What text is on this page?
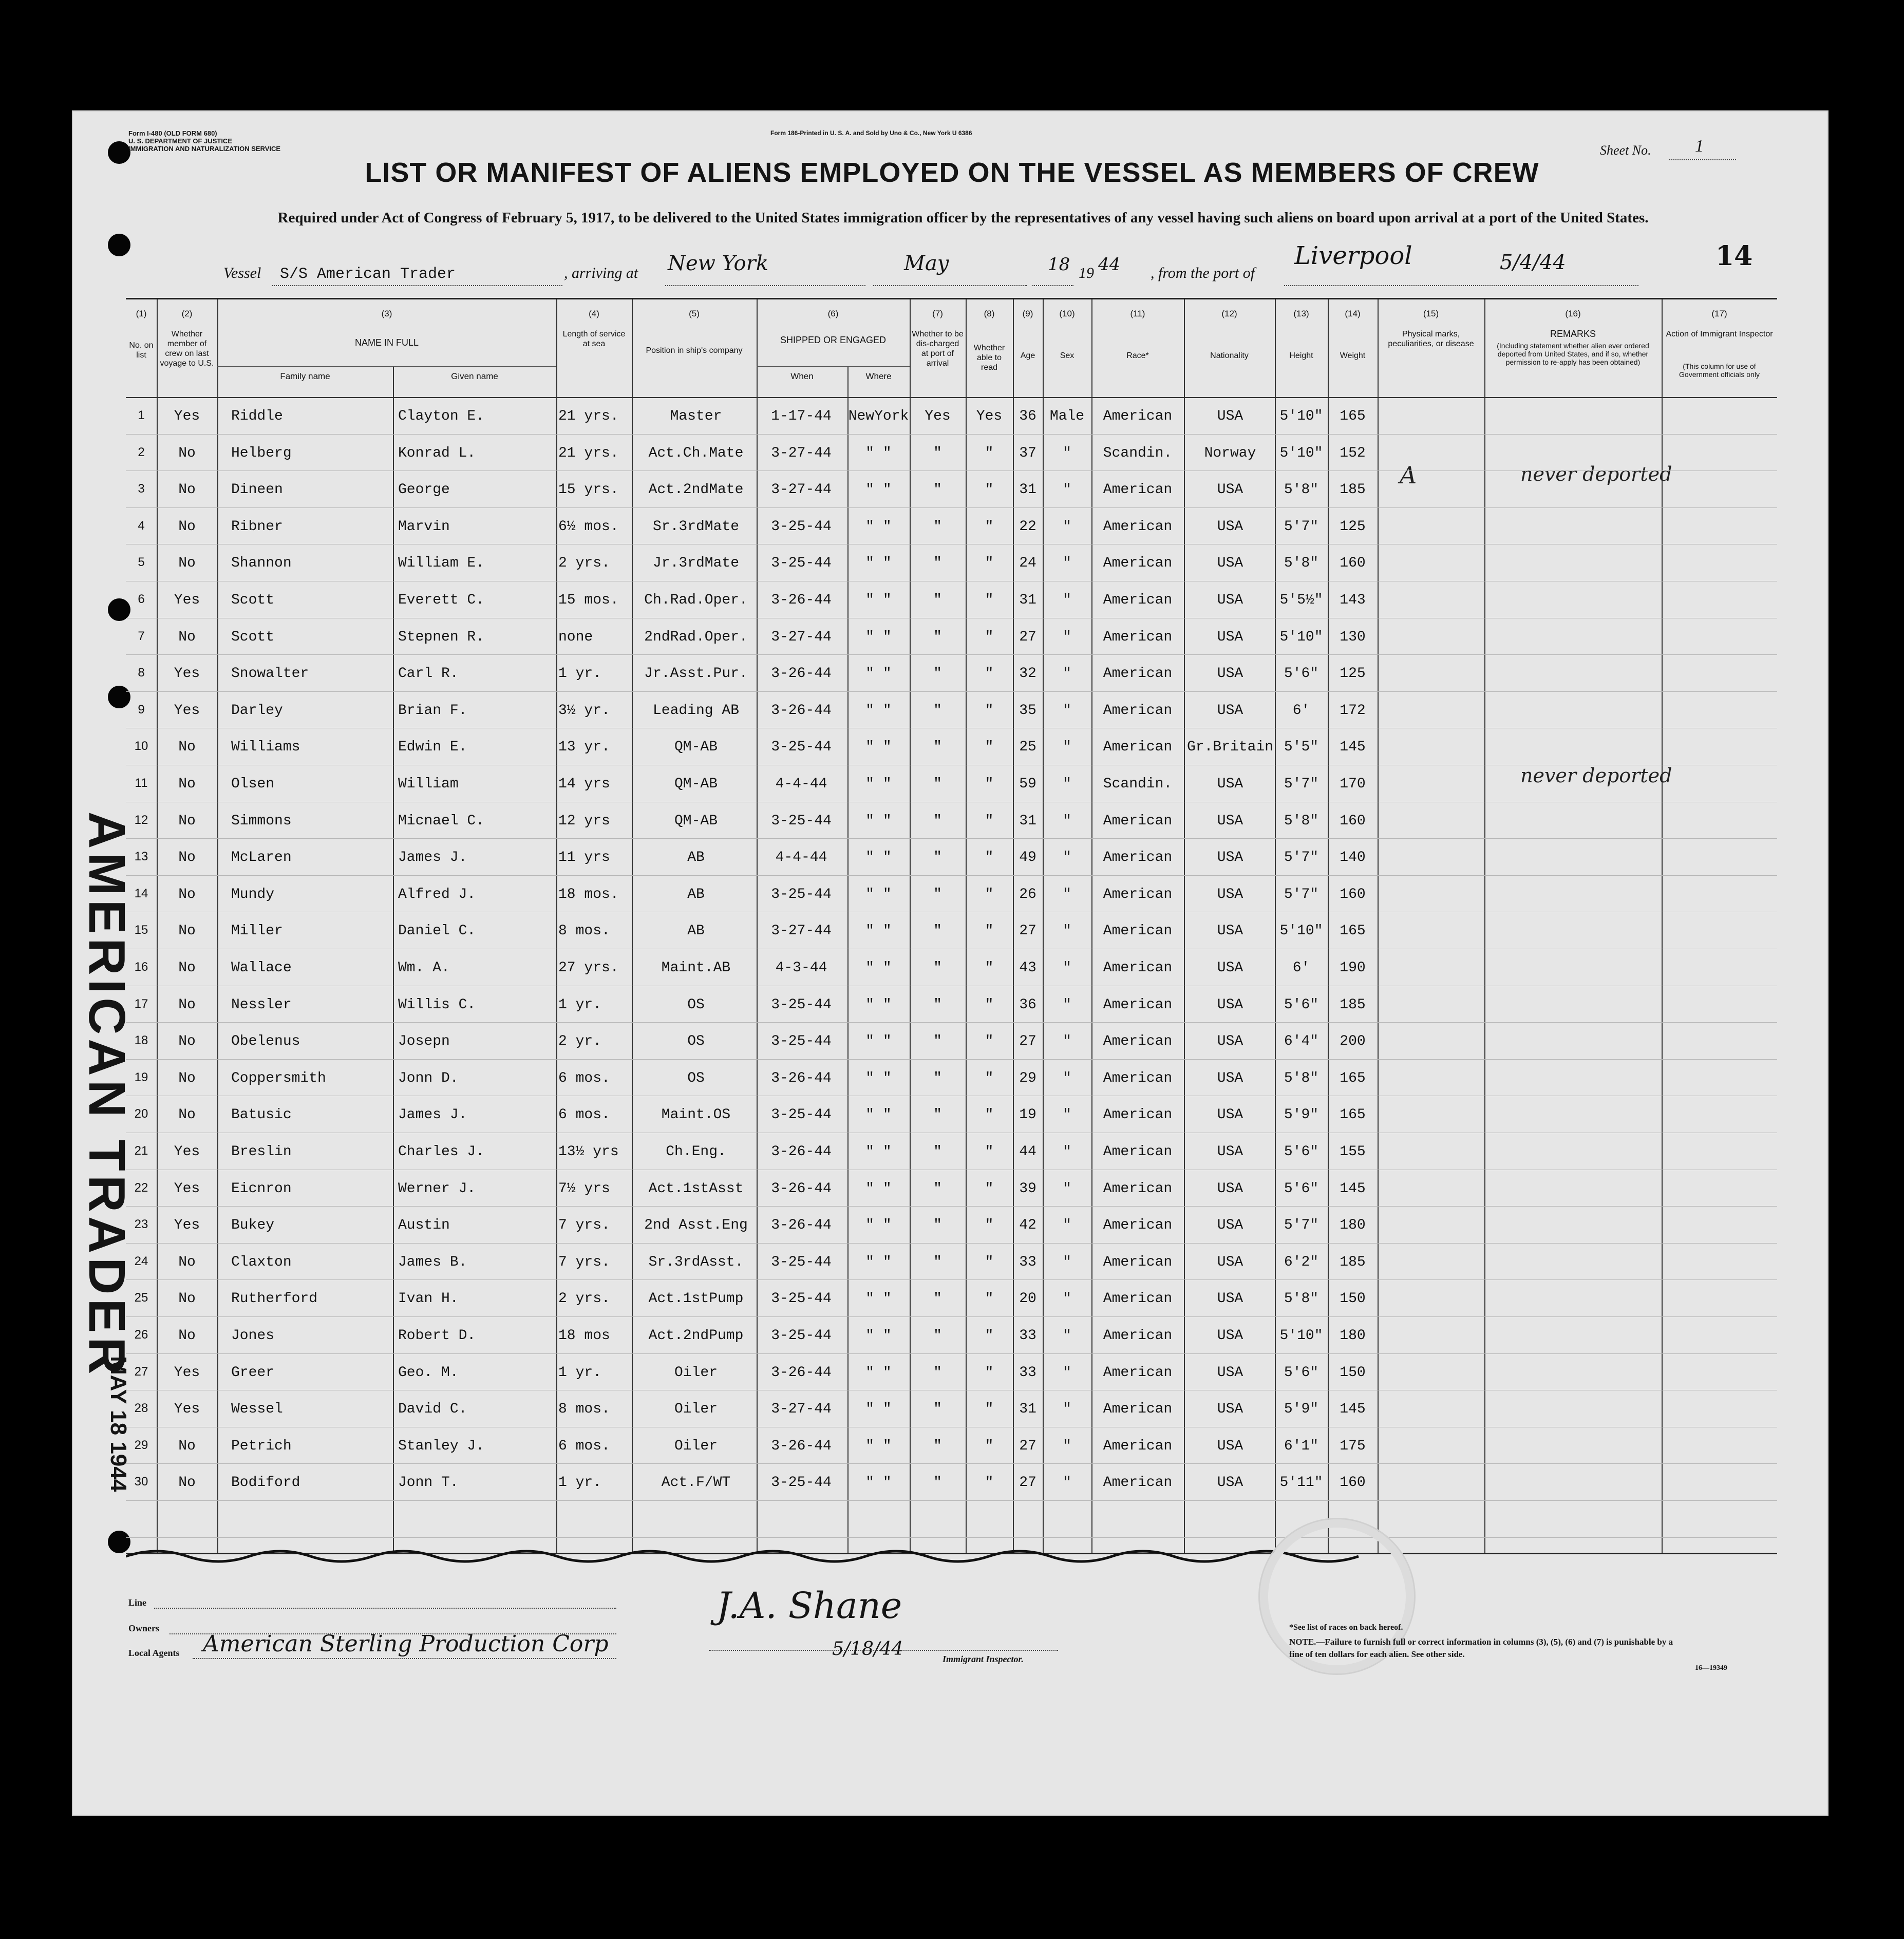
Form I-480 (OLD FORM 680)
U. S. DEPARTMENT OF JUSTICE
IMMIGRATION AND NATURALIZATION SERVICE
Form 186-Printed in U. S. A. and Sold by Uno & Co., New York U 6386
Sheet No.	1
LIST OR MANIFEST OF ALIENS EMPLOYED ON THE VESSEL AS MEMBERS OF CREW
Required under Act of Congress of February 5, 1917, to be delivered to the United States immigration officer by the representatives of any vessel having such aliens on board upon arrival at a port of the United States.
14
Vessel S/S American Trader	, arriving at New York	May	18 19 44 , from the port of
Liverpool	5/4/44
(1)	(2)	(3)	(4)	(5)	(6)	(7)	(8)	(9)	(10)	(11)	(12)	(13)	(14)	(15)	(16)	(17)
No. on list
Whether member of crew on last voyage to U.S.
NAME IN FULL
Family name	Given name
Length of service at sea
Position in ship's company
SHIPPED OR ENGAGED
When	Where
Whether to be dis-charged at port of arrival
Whether able to read
Age	Sex	Race*	Nationality	Height	Weight
Physical marks, peculiarities, or disease
REMARKS
(Including statement whether alien ever ordered deported from United States, and if so, whether permission to re-apply has been obtained)
Action of Immigrant Inspector
(This column for use of Government officials only
1	Yes	Riddle	Clayton E.	21 yrs.	Master	1-17-44	NewYork	Yes	Yes	36 Male	American	USA	5'10"	165
2	No	Helberg	Konrad L.	21 yrs.	Act.Ch.Mate	3-27-44	" "	"	"	37	"	Scandin.	Norway	5'10"	152
3	No	Dineen	George	15 yrs.	Act.2ndMate	3-27-44	" "	"	"	31	"	American	USA	5'8"	185
4	No	Ribner	Marvin	6½ mos.	Sr.3rdMate	3-25-44	" "	"	"	22	"	American	USA	5'7"	125
5	No	Shannon	William E.	2 yrs.	Jr.3rdMate	3-25-44	" "	"	"	24	"	American	USA	5'8"	160
6	Yes	Scott	Everett C.	15 mos.	Ch.Rad.Oper.	3-26-44	" "	"	"	31	"	American	USA	5'5½"	143
7	No	Scott	Stepnen R.	none	2ndRad.Oper.	3-27-44	" "	"	"	27	"	American	USA	5'10"	130
8	Yes	Snowalter	Carl R.	1 yr.	Jr.Asst.Pur.	3-26-44	" "	"	"	32	"	American	USA	5'6"	125
9	Yes	Darley	Brian F.	3½ yr.	Leading AB	3-26-44	" "	"	"	35	"	American	USA	6'	172
10	No	Williams	Edwin E.	13 yr.	QM-AB	3-25-44	" "	"	"	25	"	American	Gr.Britain 5'5"	145
11	No	Olsen	William	14 yrs	QM-AB	4-4-44	" "	"	"	59	"	Scandin.	USA	5'7"	170
12	No	Simmons	Micnael C.	12 yrs	QM-AB	3-25-44	" "	"	"	31	"	American	USA	5'8"	160
13	No	McLaren	James J.	11 yrs	AB	4-4-44	" "	"	"	49	"	American	USA	5'7"	140
14	No	Mundy	Alfred J.	18 mos.	AB	3-25-44	" "	"	"	26	"	American	USA	5'7"	160
15	No	Miller	Daniel C.	8 mos.	AB	3-27-44	" "	"	"	27	"	American	USA	5'10"	165
16	No	Wallace	Wm. A.	27 yrs.	Maint.AB	4-3-44	" "	"	"	43	"	American	USA	6'	190
17	No	Nessler	Willis C.	1 yr.	OS	3-25-44	" "	"	"	36	"	American	USA	5'6"	185
18	No	Obelenus	Josepn	2 yr.	OS	3-25-44	" "	"	"	27	"	American	USA	6'4"	200
19	No	Coppersmith	Jonn D.	6 mos.	OS	3-26-44	" "	"	"	29	"	American	USA	5'8"	165
20	No	Batusic	James J.	6 mos.	Maint.OS	3-25-44	" "	"	"	19	"	American	USA	5'9"	165
21	Yes	Breslin	Charles J.	13½ yrs	Ch.Eng.	3-26-44	" "	"	"	44	"	American	USA	5'6"	155
22	Yes	Eicnron	Werner J.	7½ yrs	Act.1stAsst	3-26-44	" "	"	"	39	"	American	USA	5'6"	145
23	Yes	Bukey	Austin	7 yrs.	2nd Asst.Eng	3-26-44	" "	"	"	42	"	American	USA	5'7"	180
24	No	Claxton	James B.	7 yrs.	Sr.3rdAsst.	3-25-44	" "	"	"	33	"	American	USA	6'2"	185
25	No	Rutherford	Ivan H.	2 yrs.	Act.1stPump	3-25-44	" "	"	"	20	"	American	USA	5'8"	150
26	No	Jones	Robert D.	18 mos	Act.2ndPump	3-25-44	" "	"	"	33	"	American	USA	5'10"	180
27	Yes	Greer	Geo. M.	1 yr.	Oiler	3-26-44	" "	"	"	33	"	American	USA	5'6"	150
28	Yes	Wessel	David C.	8 mos.	Oiler	3-27-44	" "	"	"	31	"	American	USA	5'9"	145
29	No	Petrich	Stanley J.	6 mos.	Oiler	3-26-44	" "	"	"	27	"	American	USA	6'1"	175
30	No	Bodiford	Jonn T.	1 yr.	Act.F/WT	3-25-44	" "	"	"	27	"	American	USA	5'11"	160
A	never deported
never deported
AMERICAN TRADER
MAY 18 1944
Line
Owners
Local Agents American Sterling Production Corp
J.A. Shane
5/18/44	Immigrant Inspector.
*See list of races on back hereof.
NOTE.—Failure to furnish full or correct information in columns (3), (5), (6) and (7) is punishable by a fine of ten dollars for each alien. See other side.
16—19349
